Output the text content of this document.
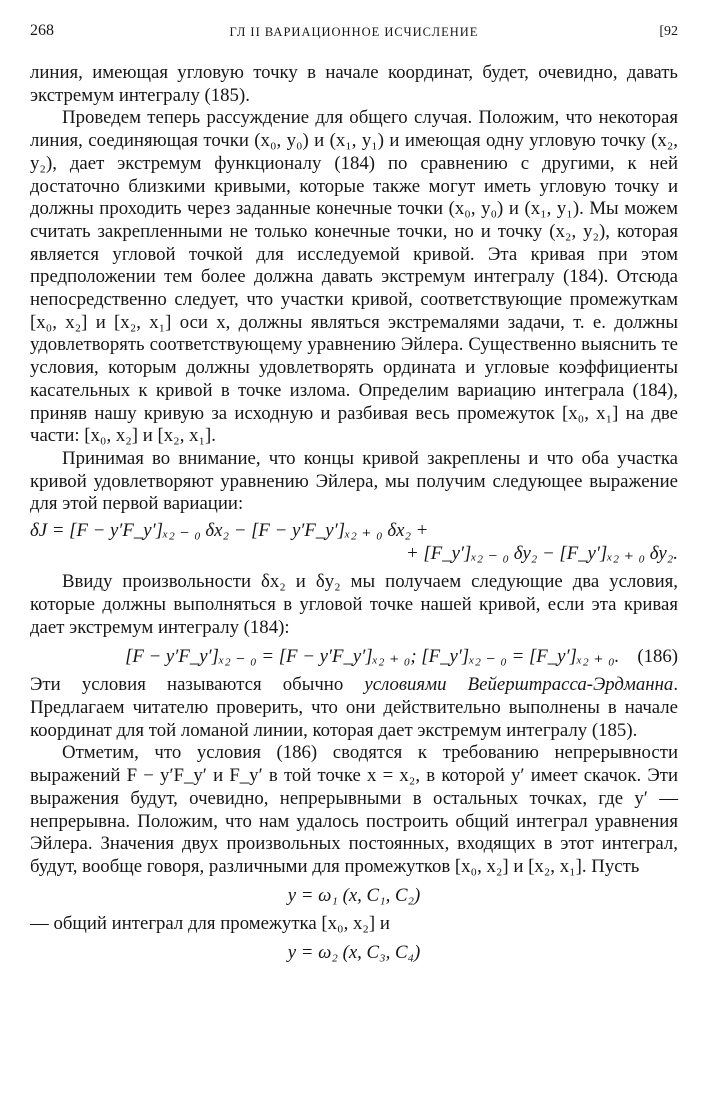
268	ГЛ II ВАРИАЦИОННОЕ ИСЧИСЛЕНИЕ	[92

линия, имеющая угловую точку в начале координат, будет, очевидно, давать экстремум интегралу (185).

Проведем теперь рассуждение для общего случая. Положим, что некоторая линия, соединяющая точки (x₀, y₀) и (x₁, y₁) и имеющая одну угловую точку (x₂, y₂), дает экстремум функционалу (184) по сравнению с другими, к ней достаточно близкими кривыми, которые также могут иметь угловую точку и должны проходить через заданные конечные точки (x₀, y₀) и (x₁, y₁). Мы можем считать закрепленными не только конечные точки, но и точку (x₂, y₂), которая является угловой точкой для исследуемой кривой. Эта кривая при этом предположении тем более должна давать экстремум интегралу (184). Отсюда непосредственно следует, что участки кривой, соответствующие промежуткам [x₀, x₂] и [x₂, x₁] оси x, должны являться экстремалями задачи, т. е. должны удовлетворять соответствующему уравнению Эйлера. Существенно выяснить те условия, которым должны удовлетворять ордината и угловые коэффициенты касательных к кривой в точке излома. Определим вариацию интеграла (184), приняв нашу кривую за исходную и разбивая весь промежуток [x₀, x₁] на две части: [x₀, x₂] и [x₂, x₁].

Принимая во внимание, что концы кривой закреплены и что оба участка кривой удовлетворяют уравнению Эйлера, мы получим следующее выражение для этой первой вариации:

δJ = [F − y′F_y′]ₓ₂ ₋ ₀ δx₂ − [F − y′F_y′]ₓ₂ ₊ ₀ δx₂ +
+ [F_y′]ₓ₂ ₋ ₀ δy₂ − [F_y′]ₓ₂ ₊ ₀ δy₂.

Ввиду произвольности δx₂ и δy₂ мы получаем следующие два условия, которые должны выполняться в угловой точке нашей кривой, если эта кривая дает экстремум интегралу (184):

[F − y′F_y′]ₓ₂ ₋ ₀ = [F − y′F_y′]ₓ₂ ₊ ₀; [F_y′]ₓ₂ ₋ ₀ = [F_y′]ₓ₂ ₊ ₀. (186)

Эти условия называются обычно условиями Вейерштрасса-Эрдманна. Предлагаем читателю проверить, что они действительно выполнены в начале координат для той ломаной линии, которая дает экстремум интегралу (185).

Отметим, что условия (186) сводятся к требованию непрерывности выражений F − y′F_y′ и F_y′ в той точке x = x₂, в которой y′ имеет скачок. Эти выражения будут, очевидно, непрерывными в остальных точках, где y′ — непрерывна. Положим, что нам удалось построить общий интеграл уравнения Эйлера. Значения двух произвольных постоянных, входящих в этот интеграл, будут, вообще говоря, различными для промежутков [x₀, x₂] и [x₂, x₁]. Пусть

y = ω₁ (x, C₁, C₂)

— общий интеграл для промежутка [x₀, x₂] и

y = ω₂ (x, C₃, C₄)
